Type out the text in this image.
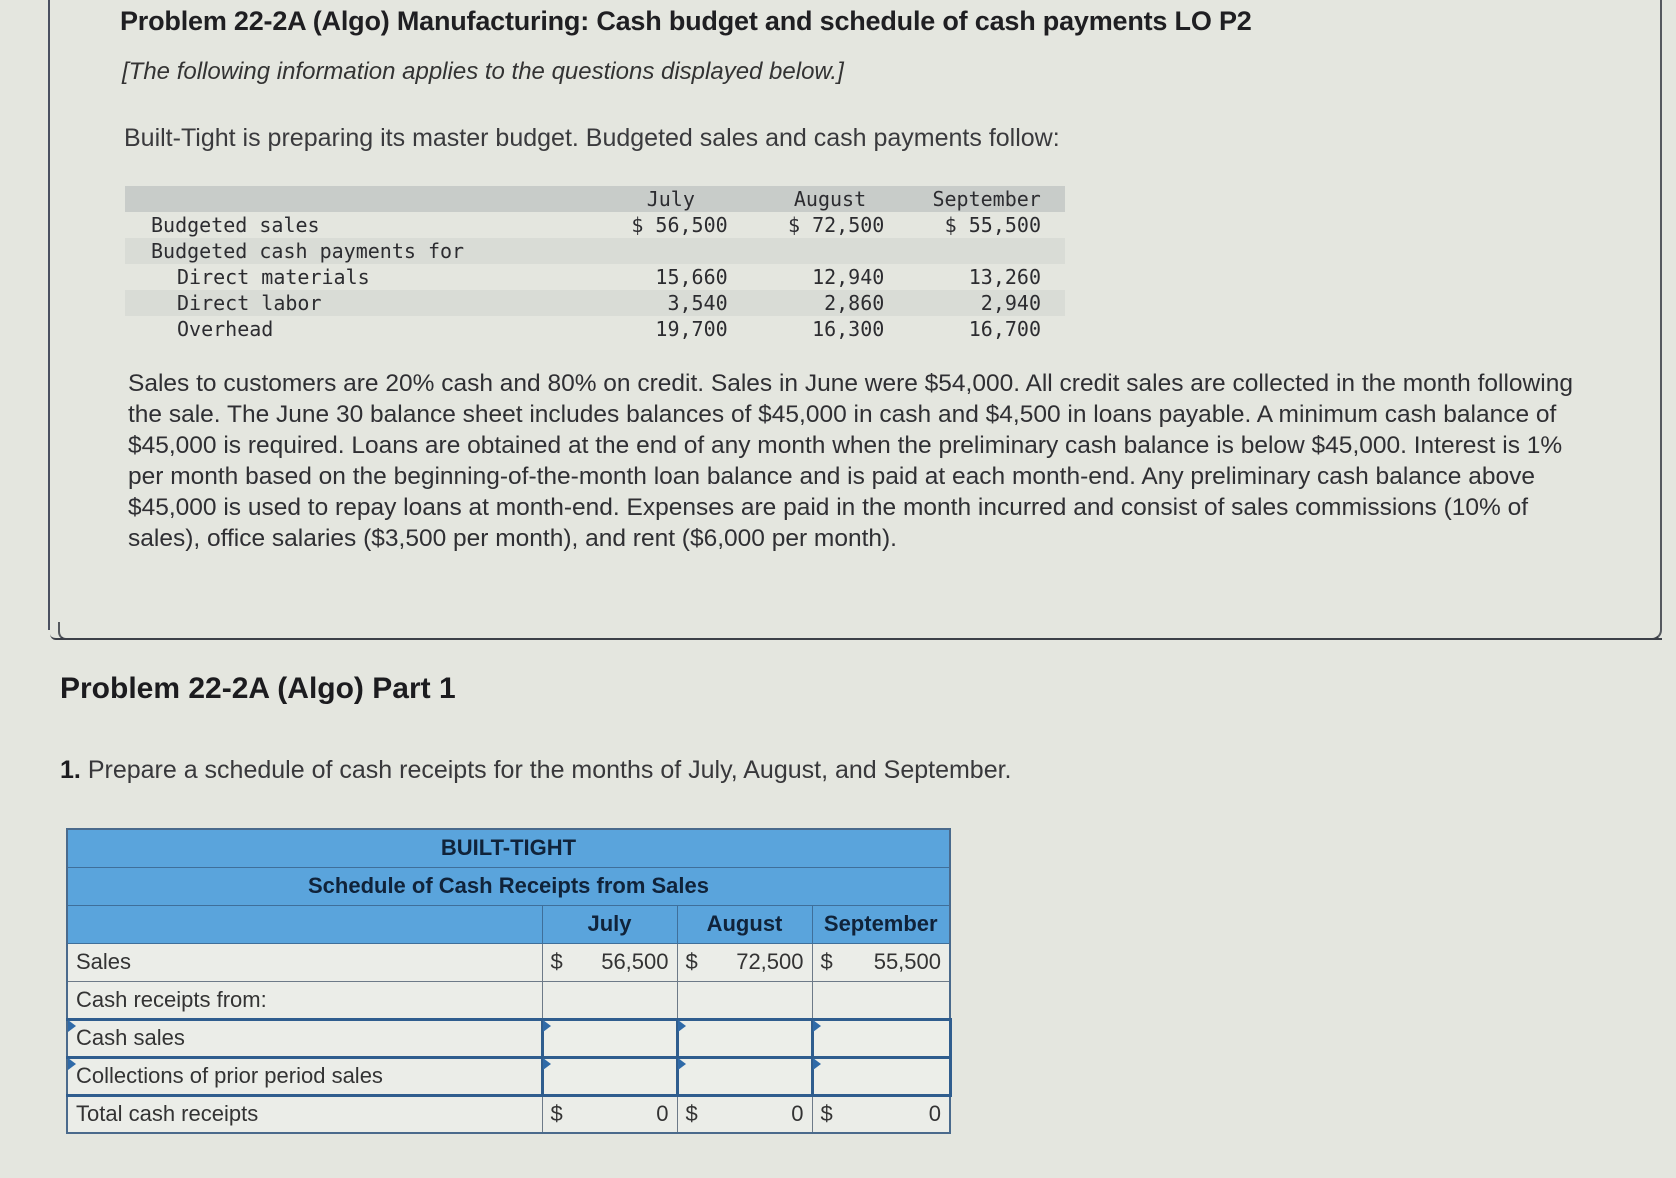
Problem 22-2A (Algo) Manufacturing: Cash budget and schedule of cash payments LO P2
[The following information applies to the questions displayed below.]
Built-Tight is preparing its master budget. Budgeted sales and cash payments follow:
	July	August	September
Budgeted sales	$ 56,500	$ 72,500	$ 55,500
Budgeted cash payments for			
Direct materials	15,660	12,940	13,260
Direct labor	3,540	2,860	2,940
Overhead	19,700	16,300	16,700
Sales to customers are 20% cash and 80% on credit. Sales in June were $54,000. All credit sales are collected in the month following the sale. The June 30 balance sheet includes balances of $45,000 in cash and $4,500 in loans payable. A minimum cash balance of $45,000 is required. Loans are obtained at the end of any month when the preliminary cash balance is below $45,000. Interest is 1% per month based on the beginning-of-the-month loan balance and is paid at each month-end. Any preliminary cash balance above $45,000 is used to repay loans at month-end. Expenses are paid in the month incurred and consist of sales commissions (10% of sales), office salaries ($3,500 per month), and rent ($6,000 per month).
Problem 22-2A (Algo) Part 1
1. Prepare a schedule of cash receipts for the months of July, August, and September.
BUILT-TIGHT			
Schedule of Cash Receipts from Sales			
	July	August	September
Sales	$ 56,500	$ 72,500	$ 55,500

Cash receipts from:			

Cash sales	

Collections of prior period sales	

Total cash receipts	$ 0	$ 0	$ 0
